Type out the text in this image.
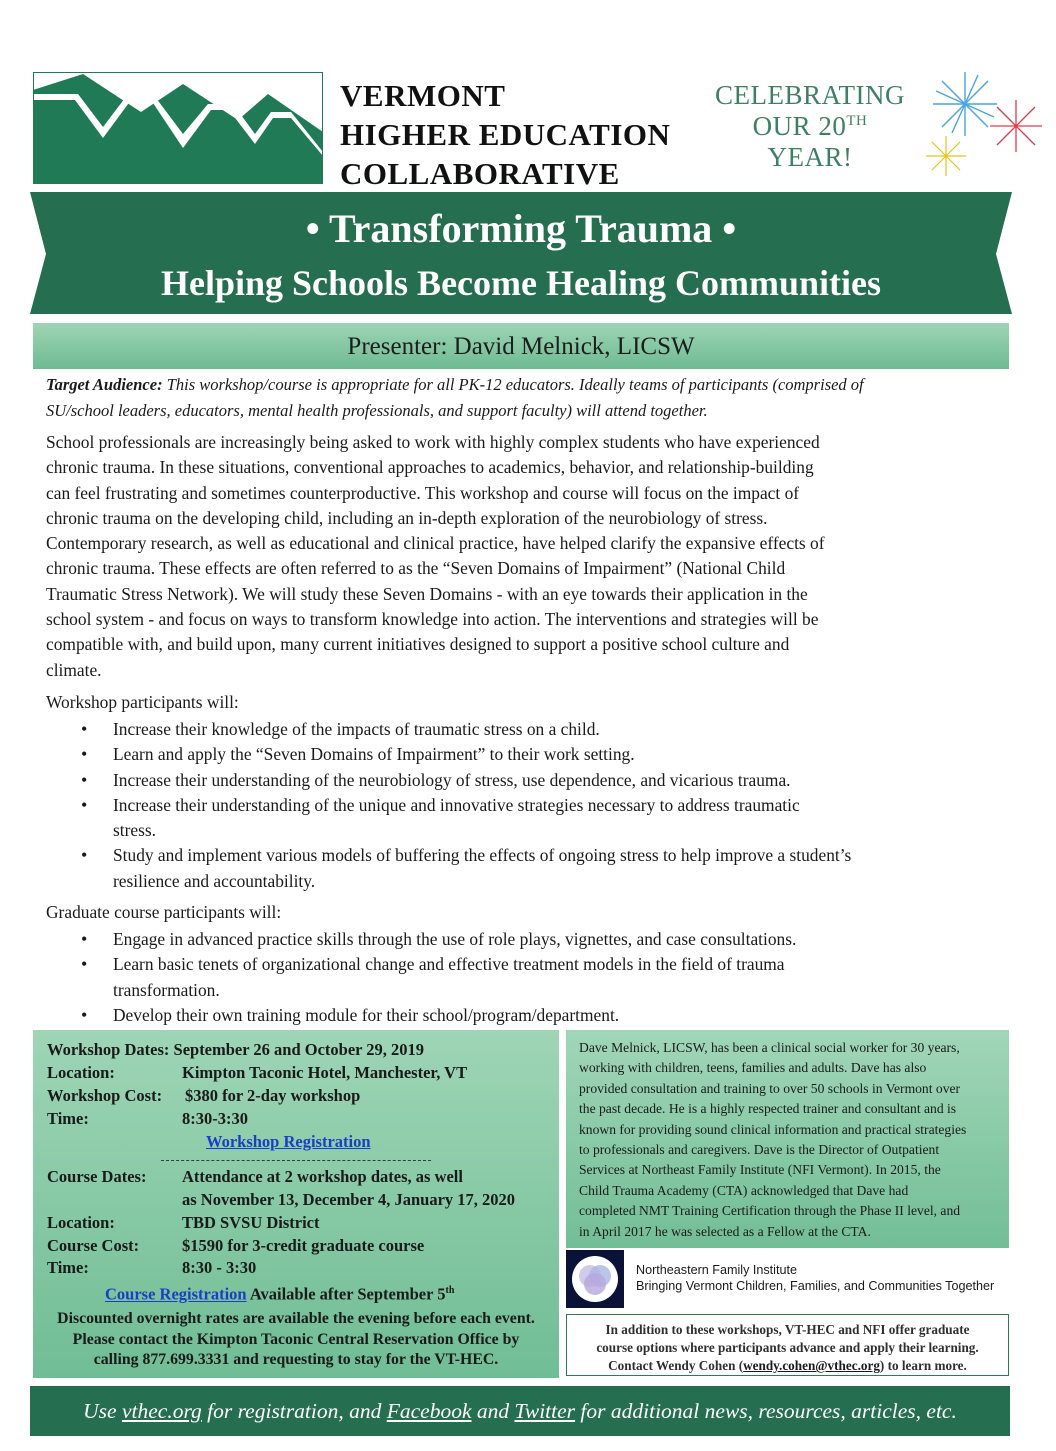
VERMONT
HIGHER EDUCATION
COLLABORATIVE
CELEBRATING
OUR 20TH
YEAR!
• Transforming Trauma •
Helping Schools Become Healing Communities
Presenter: David Melnick, LICSW
Target Audience: This workshop/course is appropriate for all PK-12 educators. Ideally teams of participants (comprised of
SU/school leaders, educators, mental health professionals, and support faculty) will attend together.
School professionals are increasingly being asked to work with highly complex students who have experienced
chronic trauma. In these situations, conventional approaches to academics, behavior, and relationship-building
can feel frustrating and sometimes counterproductive. This workshop and course will focus on the impact of
chronic trauma on the developing child, including an in-depth exploration of the neurobiology of stress.
Contemporary research, as well as educational and clinical practice, have helped clarify the expansive effects of
chronic trauma. These effects are often referred to as the “Seven Domains of Impairment” (National Child
Traumatic Stress Network). We will study these Seven Domains - with an eye towards their application in the
school system - and focus on ways to transform knowledge into action. The interventions and strategies will be
compatible with, and build upon, many current initiatives designed to support a positive school culture and
climate.
Workshop participants will:
• Increase their knowledge of the impacts of traumatic stress on a child.
• Learn and apply the “Seven Domains of Impairment” to their work setting.
• Increase their understanding of the neurobiology of stress, use dependence, and vicarious trauma.
• Increase their understanding of the unique and innovative strategies necessary to address traumatic
stress.
• Study and implement various models of buffering the effects of ongoing stress to help improve a student’s
resilience and accountability.
Graduate course participants will:
• Engage in advanced practice skills through the use of role plays, vignettes, and case consultations.
• Learn basic tenets of organizational change and effective treatment models in the field of trauma
transformation.
• Develop their own training module for their school/program/department.
Workshop Dates: September 26 and October 29, 2019
Location:	Kimpton Taconic Hotel, Manchester, VT
Workshop Cost: $380 for 2-day workshop
Time:	8:30-3:30
Workshop Registration
Course Dates: Attendance at 2 workshop dates, as well
as November 13, December 4, January 17, 2020
Location:	TBD SVSU District
Course Cost:	$1590 for 3-credit graduate course
Time:	8:30 - 3:30
Course Registration Available after September 5th
Discounted overnight rates are available the evening before each event.
Please contact the Kimpton Taconic Central Reservation Office by
calling 877.699.3331 and requesting to stay for the VT-HEC.
Dave Melnick, LICSW, has been a clinical social worker for 30 years,
working with children, teens, families and adults. Dave has also
provided consultation and training to over 50 schools in Vermont over
the past decade. He is a highly respected trainer and consultant and is
known for providing sound clinical information and practical strategies
to professionals and caregivers. Dave is the Director of Outpatient
Services at Northeast Family Institute (NFI Vermont). In 2015, the
Child Trauma Academy (CTA) acknowledged that Dave had
completed NMT Training Certification through the Phase II level, and
in April 2017 he was selected as a Fellow at the CTA.
Northeastern Family Institute
Bringing Vermont Children, Families, and Communities Together
In addition to these workshops, VT-HEC and NFI offer graduate
course options where participants advance and apply their learning.
Contact Wendy Cohen (wendy.cohen@vthec.org) to learn more.
Use vthec.org for registration, and Facebook and Twitter for additional news, resources, articles, etc.
